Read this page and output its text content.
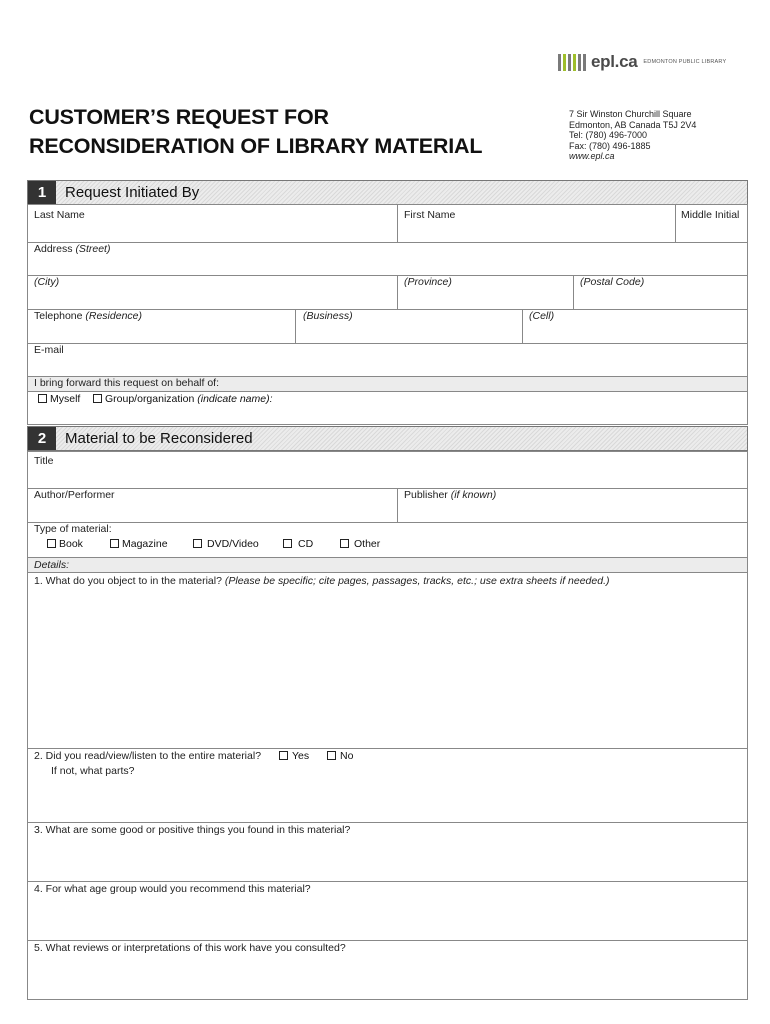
epl.ca EDMONTON PUBLIC LIBRARY
CUSTOMER’S REQUEST FOR
RECONSIDERATION OF LIBRARY MATERIAL
7 Sir Winston Churchill Square
Edmonton, AB Canada T5J 2V4
Tel: (780) 496-7000
Fax: (780) 496-1885
www.epl.ca
1	Request Initiated By
Last Name	First Name	Middle Initial
Address (Street)
(City)	(Province)	(Postal Code)
Telephone (Residence)	(Business)	(Cell)
E-mail
I bring forward this request on behalf of:
Myself	Group/organization (indicate name):
2	Material to be Reconsidered
Title
Author/Performer	Publisher (if known)
Type of material:
Book	Magazine	DVD/Video	CD	Other
Details:
1. What do you object to in the material? (Please be specific; cite pages, passages, tracks, etc.; use extra sheets if needed.)
2. Did you read/view/listen to the entire material?	Yes	No
If not, what parts?
3. What are some good or positive things you found in this material?
4. For what age group would you recommend this material?
5. What reviews or interpretations of this work have you consulted?
